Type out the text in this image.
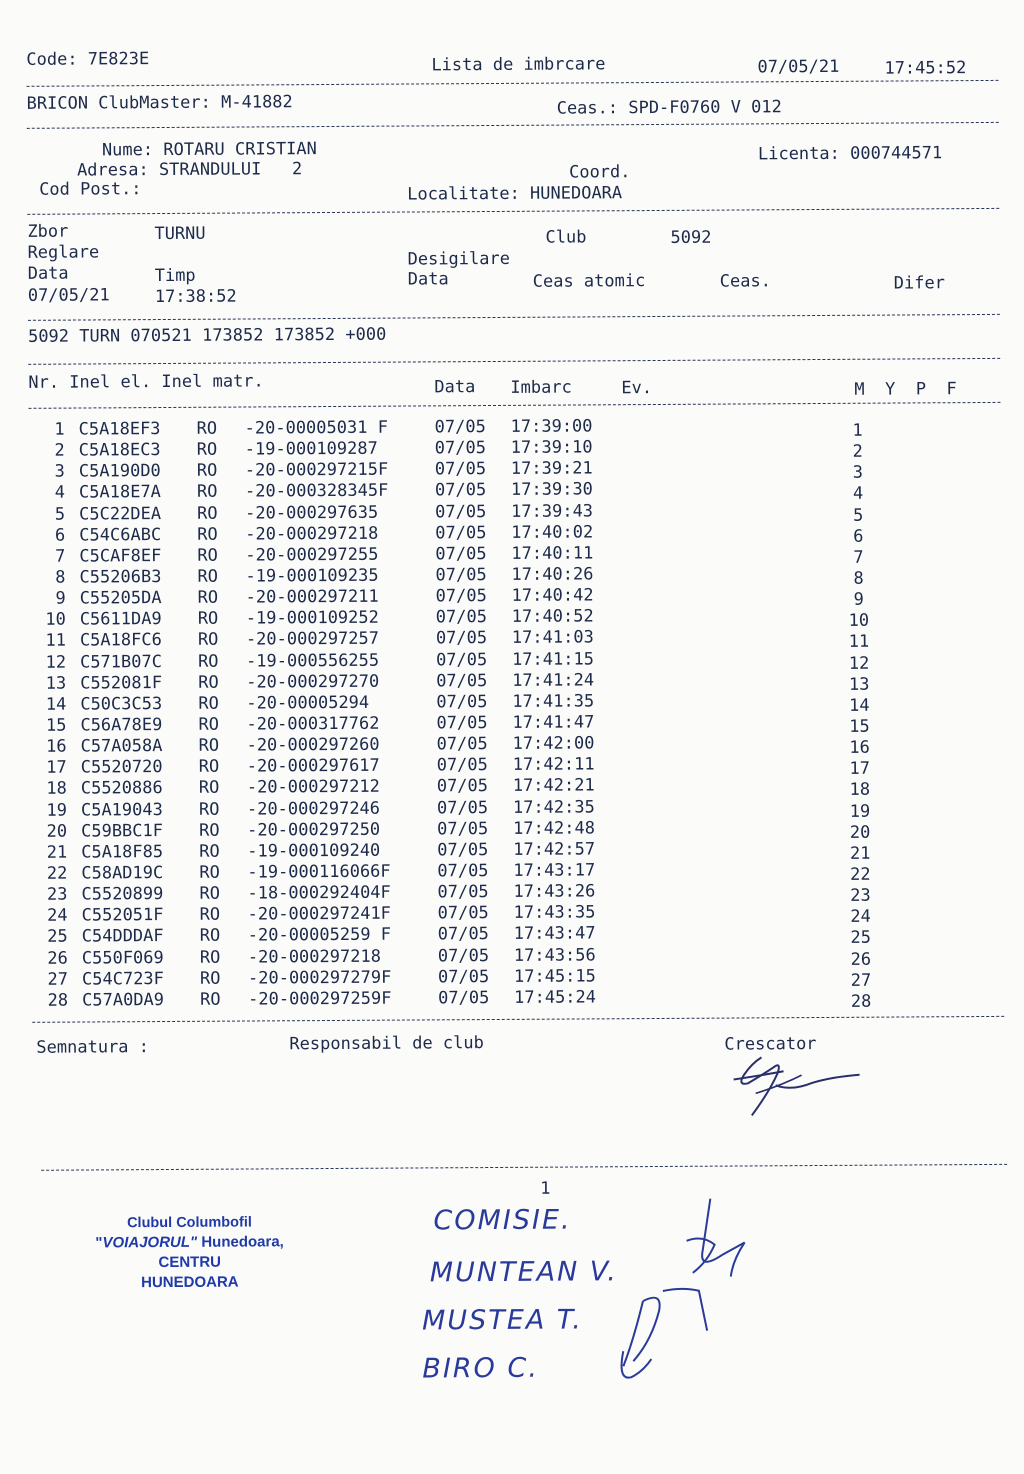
Code: 7E823E	Lista de imbrcare	07/05/21	17:45:52
BRICON ClubMaster: M-41882	Ceas.: SPD-F0760 V 012
Nume: ROTARU CRISTIAN
Adresa: STRANDULUI   2
Cod Post.:
Coord.
Localitate: HUNEDOARA
Licenta: 000744571
Zbor	TURNU	Club	5092
Reglare	Desigilare
Data	Timp	Data	Ceas atomic	Ceas.	Difer
07/05/21	17:38:52
5092 TURN 070521 173852 173852 +000
Nr. Inel el. Inel matr.	Data Imbarc	Ev.	M  Y  P  F
1 C5A18EF3 RO -20-00005031 F	07/05 17:39:00	1
2 C5A18EC3 RO -19-000109287	07/05 17:39:10	2
3 C5A190D0 RO -20-000297215F	07/05 17:39:21	3
4 C5A18E7A RO -20-000328345F	07/05 17:39:30	4
5 C5C22DEA RO -20-000297635	07/05 17:39:43	5
6 C54C6ABC RO -20-000297218	07/05 17:40:02	6
7 C5CAF8EF RO -20-000297255	07/05 17:40:11	7
8 C55206B3 RO -19-000109235	07/05 17:40:26	8
9 C55205DA RO -20-000297211	07/05 17:40:42	9
10 C5611DA9 RO -19-000109252	07/05 17:40:52	10
11 C5A18FC6 RO -20-000297257	07/05 17:41:03	11
12 C571B07C RO -19-000556255	07/05 17:41:15	12
13 C552081F RO -20-000297270	07/05 17:41:24	13
14 C50C3C53 RO -20-00005294	07/05 17:41:35	14
15 C56A78E9 RO -20-000317762	07/05 17:41:47	15
16 C57A058A RO -20-000297260	07/05 17:42:00	16
17 C5520720 RO -20-000297617	07/05 17:42:11	17
18 C5520886 RO -20-000297212	07/05 17:42:21	18
19 C5A19043 RO -20-000297246	07/05 17:42:35	19
20 C59BBC1F RO -20-000297250	07/05 17:42:48	20
21 C5A18F85 RO -19-000109240	07/05 17:42:57	21
22 C58AD19C RO -19-000116066F	07/05 17:43:17	22
23 C5520899 RO -18-000292404F	07/05 17:43:26	23
24 C552051F RO -20-000297241F	07/05 17:43:35	24
25 C54DDDAF RO -20-00005259 F	07/05 17:43:47	25
26 C550F069 RO -20-000297218	07/05 17:43:56	26
27 C54C723F RO -20-000297279F	07/05 17:45:15	27
28 C57A0DA9 RO -20-000297259F	07/05 17:45:24	28
Semnatura :	Responsabil de club	Crescator
1
Clubul Columbofil
"VOIAJORUL" Hunedoara,
CENTRU
HUNEDOARA
COMISIE.
MUNTEAN V.
MUSTEA T.
BIRO C.
